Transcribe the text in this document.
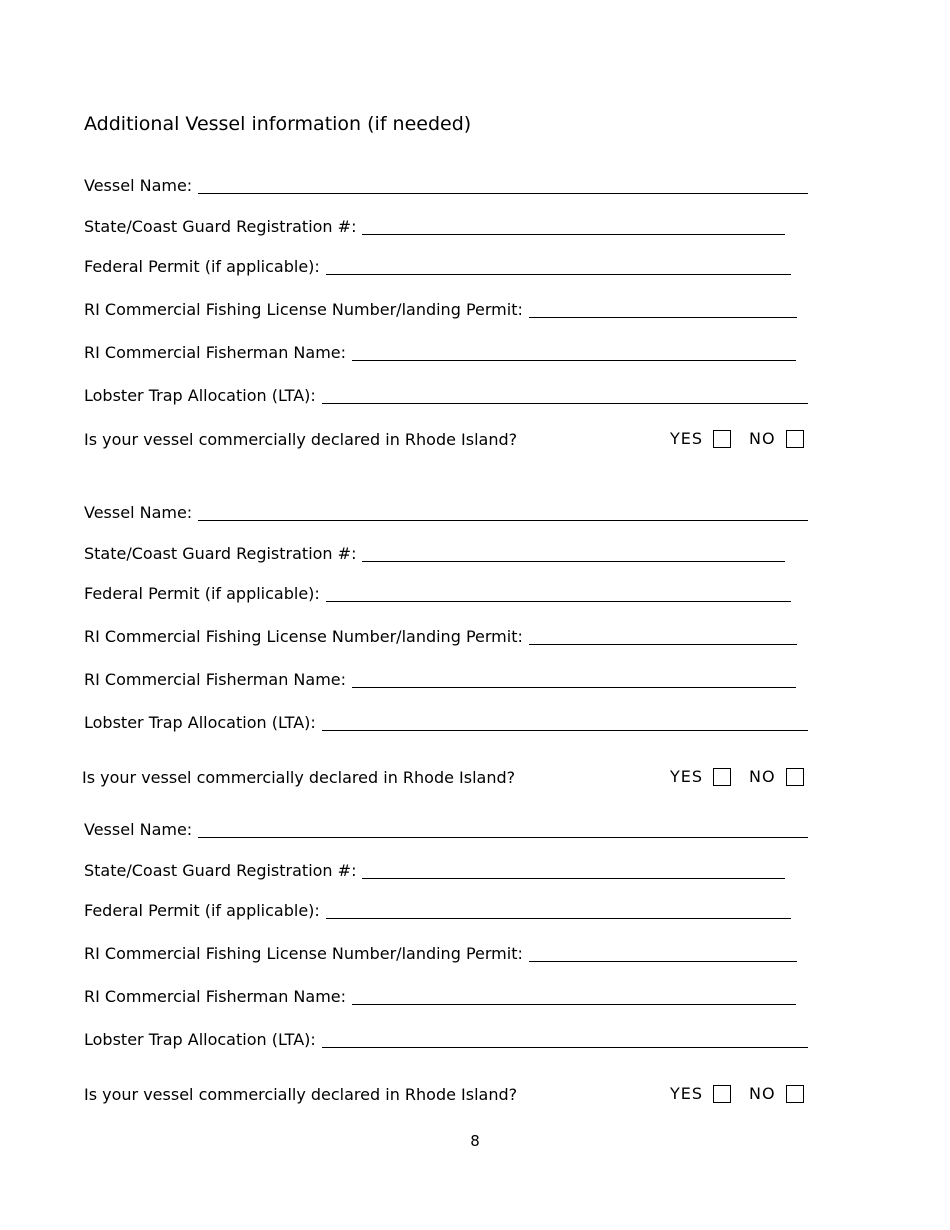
Additional Vessel information (if needed)
Vessel Name:
State/Coast Guard Registration #:
Federal Permit (if applicable):
RI Commercial Fishing License Number/landing Permit:
RI Commercial Fisherman Name:
Lobster Trap Allocation (LTA):
Is your vessel commercially declared in Rhode Island?	YES	NO
Vessel Name:
State/Coast Guard Registration #:
Federal Permit (if applicable):
RI Commercial Fishing License Number/landing Permit:
RI Commercial Fisherman Name:
Lobster Trap Allocation (LTA):
Is your vessel commercially declared in Rhode Island?	YES	NO
Vessel Name:
State/Coast Guard Registration #:
Federal Permit (if applicable):
RI Commercial Fishing License Number/landing Permit:
RI Commercial Fisherman Name:
Lobster Trap Allocation (LTA):
Is your vessel commercially declared in Rhode Island?	YES	NO
8
